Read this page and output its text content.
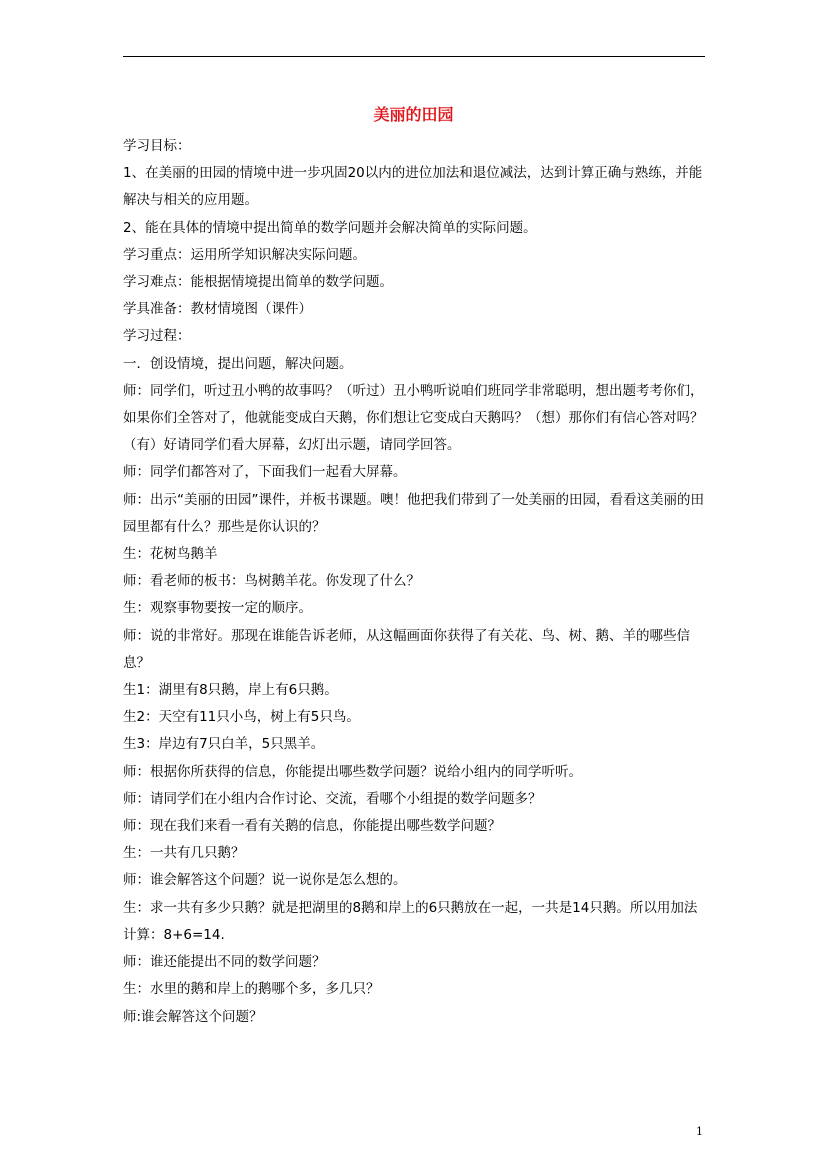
美丽的田园

学习目标：

1、在美丽的田园的情境中进一步巩固20以内的进位加法和退位减法，达到计算正确与熟练，并能解决与相关的应用题。

2、能在具体的情境中提出简单的数学问题并会解决简单的实际问题。

学习重点：运用所学知识解决实际问题。

学习难点：能根据情境提出简单的数学问题。

学具准备：教材情境图（课件）

学习过程：

一．创设情境，提出问题，解决问题。

师：同学们，听过丑小鸭的故事吗？（听过）丑小鸭听说咱们班同学非常聪明，想出题考考你们，如果你们全答对了，他就能变成白天鹅，你们想让它变成白天鹅吗？（想）那你们有信心答对吗？（有）好请同学们看大屏幕，幻灯出示题，请同学回答。

师：同学们都答对了，下面我们一起看大屏幕。

师：出示“美丽的田园”课件，并板书课题。噢！他把我们带到了一处美丽的田园，看看这美丽的田园里都有什么？那些是你认识的？

生：花树鸟鹅羊

师：看老师的板书：鸟树鹅羊花。你发现了什么？

生：观察事物要按一定的顺序。

师：说的非常好。那现在谁能告诉老师，从这幅画面你获得了有关花、鸟、树、鹅、羊的哪些信息？

生1：湖里有8只鹅，岸上有6只鹅。

生2：天空有11只小鸟，树上有5只鸟。

生3：岸边有7只白羊，5只黑羊。

师：根据你所获得的信息，你能提出哪些数学问题？说给小组内的同学听听。

师：请同学们在小组内合作讨论、交流，看哪个小组提的数学问题多？

师：现在我们来看一看有关鹅的信息，你能提出哪些数学问题？

生：一共有几只鹅？

师：谁会解答这个问题？说一说你是怎么想的。

生：求一共有多少只鹅？就是把湖里的8鹅和岸上的6只鹅放在一起，一共是14只鹅。所以用加法计算：8+6=14.

师：谁还能提出不同的数学问题？

生：水里的鹅和岸上的鹅哪个多，多几只？

师:谁会解答这个问题？

1
